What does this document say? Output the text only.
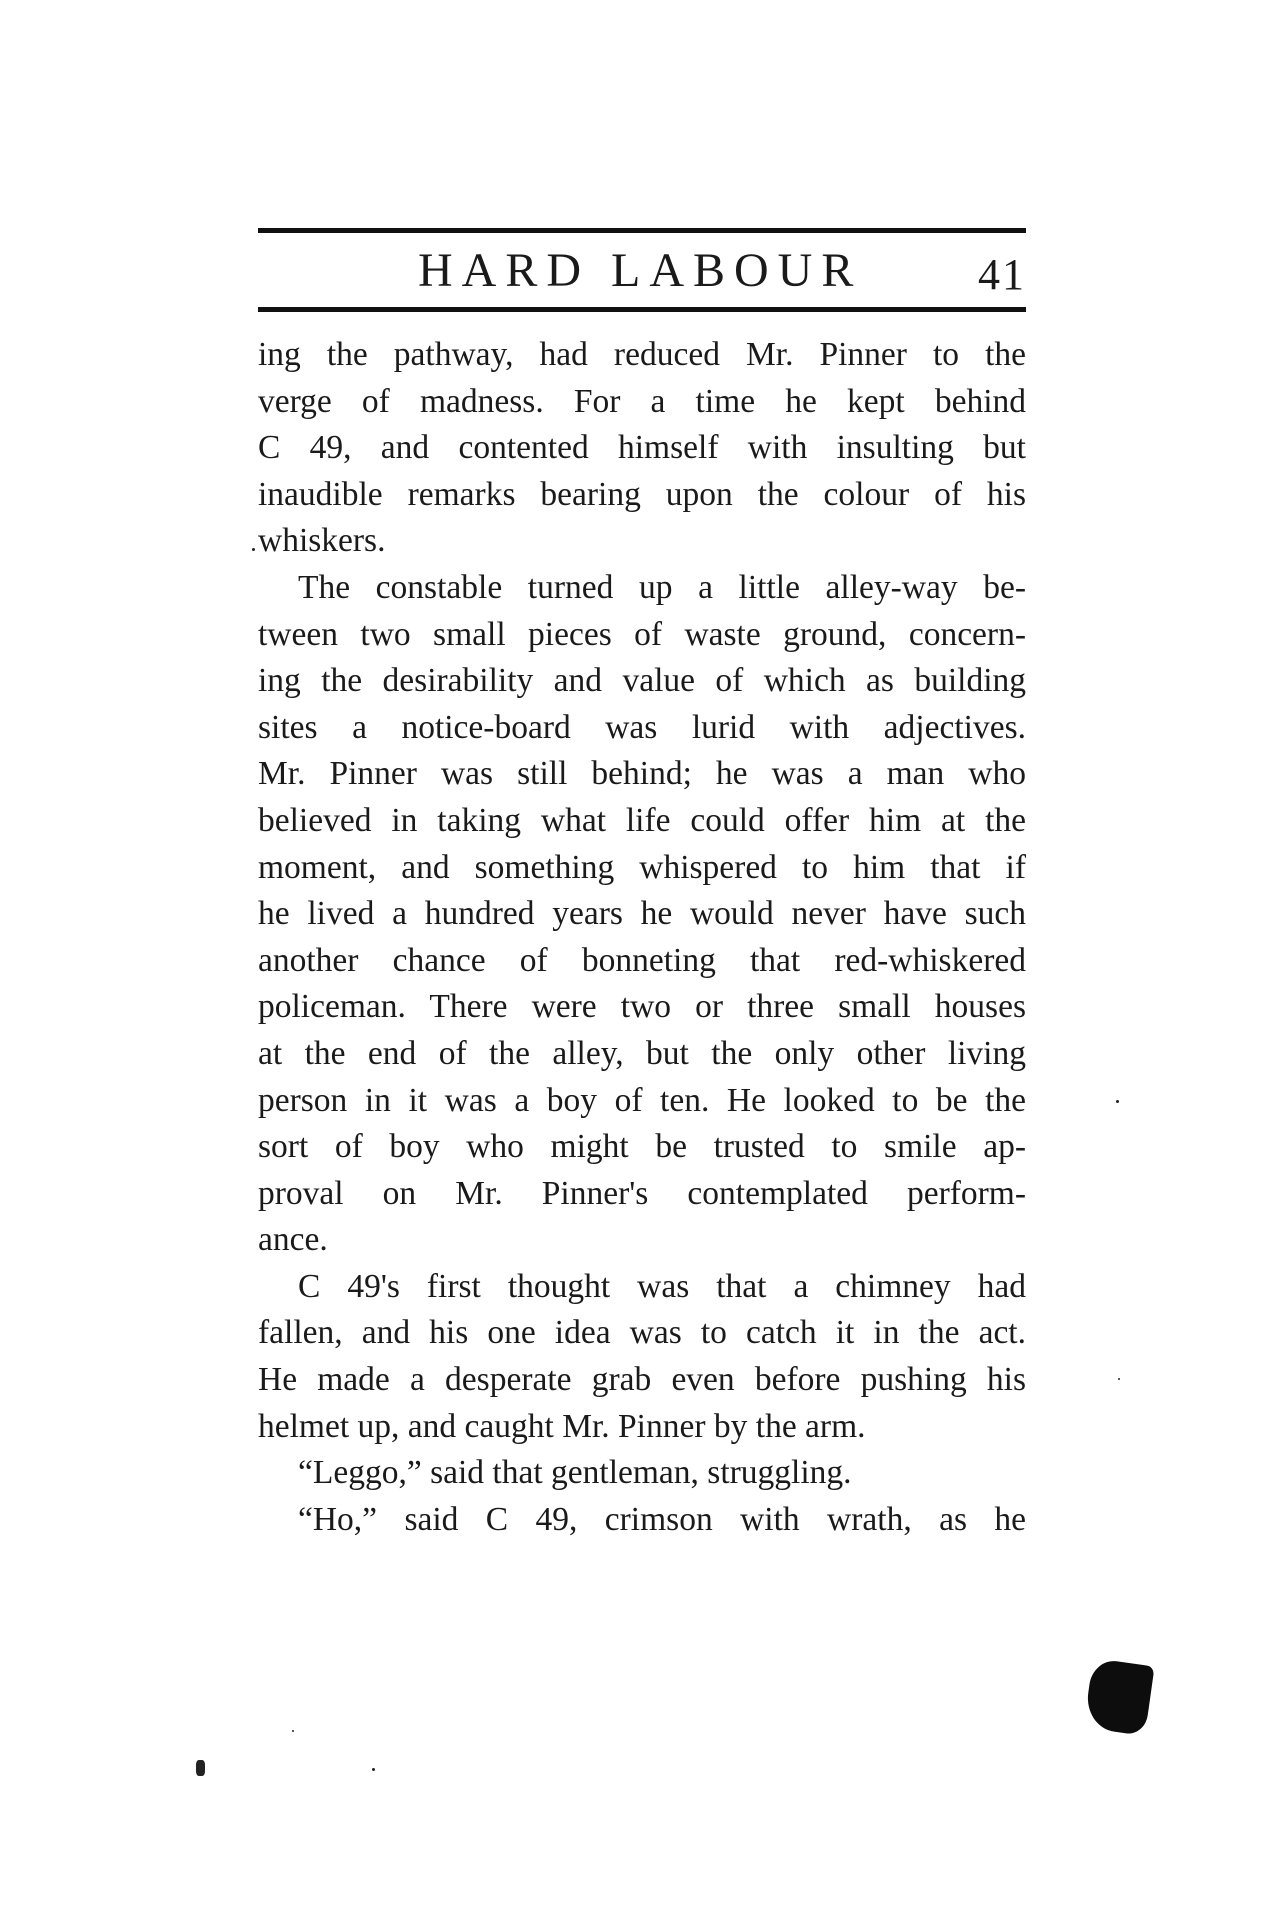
HARD LABOUR	41
ing the pathway, had reduced Mr. Pinner to the
verge of madness. For a time he kept behind
C 49, and contented himself with insulting but
inaudible remarks bearing upon the colour of his
whiskers.
The constable turned up a little alley-way be-
tween two small pieces of waste ground, concern-
ing the desirability and value of which as building
sites a notice-board was lurid with adjectives.
Mr. Pinner was still behind; he was a man who
believed in taking what life could offer him at the
moment, and something whispered to him that if
he lived a hundred years he would never have such
another chance of bonneting that red-whiskered
policeman. There were two or three small houses
at the end of the alley, but the only other living
person in it was a boy of ten. He looked to be the
sort of boy who might be trusted to smile ap-
proval on Mr. Pinner's contemplated perform-
ance.
C 49's first thought was that a chimney had
fallen, and his one idea was to catch it in the act.
He made a desperate grab even before pushing his
helmet up, and caught Mr. Pinner by the arm.
“Leggo,” said that gentleman, struggling.
“Ho,” said C 49, crimson with wrath, as he
